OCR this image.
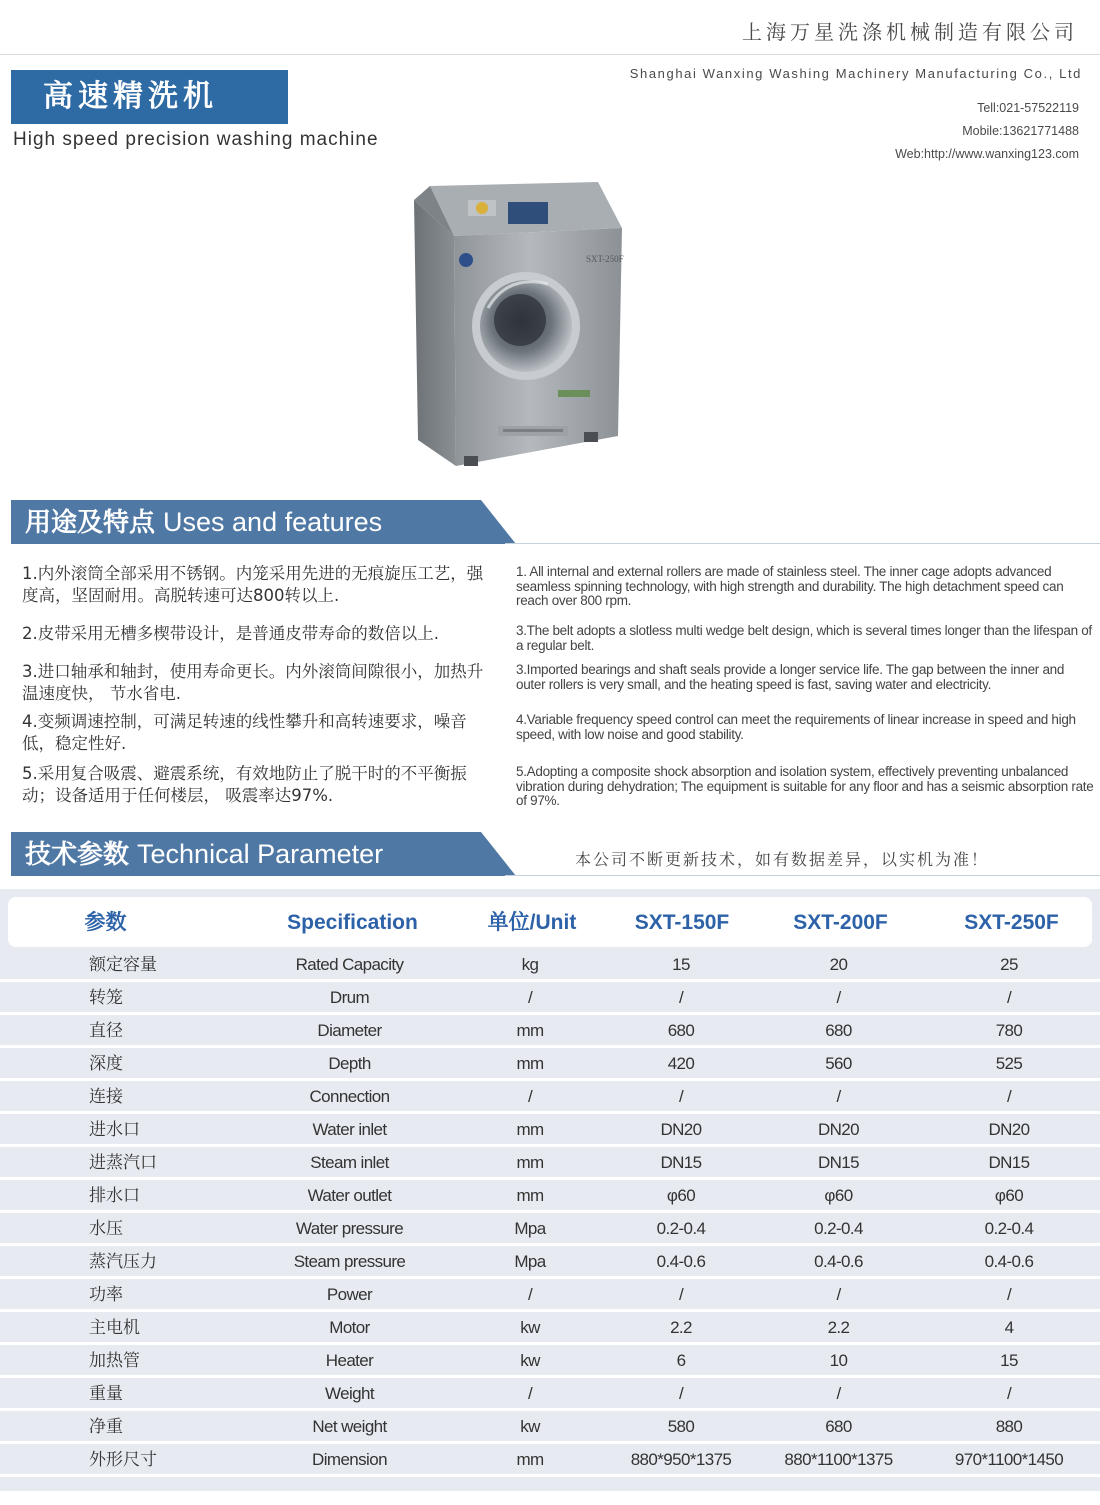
上海万星洗涤机械制造有限公司
Shanghai Wanxing Washing Machinery Manufacturing Co., Ltd
Tell:021-57522119
Mobile:13621771488
Web:http://www.wanxing123.com
高速精洗机
High speed precision washing machine
SXT-250F
用途及特点 Uses and features
1.内外滚筒全部采用不锈钢。内笼采用先进的无痕旋压工艺，强度高，坚固耐用。高脱转速可达800转以上.
1. All internal and external rollers are made of stainless steel. The inner cage adopts advanced seamless spinning technology, with high strength and durability. The high detachment speed can reach over 800 rpm.
2.皮带采用无槽多楔带设计，是普通皮带寿命的数倍以上.	3.The belt adopts a slotless multi wedge belt design, which is several times longer than the lifespan of a regular belt.
3.进口轴承和轴封，使用寿命更长。内外滚筒间隙很小，加热升温速度快， 节水省电.
3.Imported bearings and shaft seals provide a longer service life. The gap between the inner and outer rollers is very small, and the heating speed is fast, saving water and electricity.
4.变频调速控制，可满足转速的线性攀升和高转速要求，噪音低，稳定性好.
4.Variable frequency speed control can meet the requirements of linear increase in speed and high speed, with low noise and good stability.
5.采用复合吸震、避震系统，有效地防止了脱干时的不平衡振动；设备适用于任何楼层， 吸震率达97%.
5.Adopting a composite shock absorption and isolation system, effectively preventing unbalanced vibration during dehydration; The equipment is suitable for any floor and has a seismic absorption rate of 97%.
技术参数 Technical Parameter	本公司不断更新技术，如有数据差异，以实机为准！
参数	Specification	单位/Unit	SXT-150F	SXT-200F	SXT-250F
额定容量	Rated Capacity	kg	15	20	25
转笼	Drum	/	/	/	/
直径	Diameter	mm	680	680	780
深度	Depth	mm	420	560	525
连接	Connection	/	/	/	/
进水口	Water inlet	mm	DN20	DN20	DN20
进蒸汽口	Steam inlet	mm	DN15	DN15	DN15
排水口	Water outlet	mm	φ60	φ60	φ60
水压	Water pressure	Mpa	0.2-0.4	0.2-0.4	0.2-0.4
蒸汽压力	Steam pressure	Mpa	0.4-0.6	0.4-0.6	0.4-0.6
功率	Power	/	/	/	/
主电机	Motor	kw	2.2	2.2	4
加热管	Heater	kw	6	10	15
重量	Weight	/	/	/	/
净重	Net weight	kw	580	680	880
外形尺寸	Dimension	mm	880*950*1375	880*1100*1375	970*1100*1450
